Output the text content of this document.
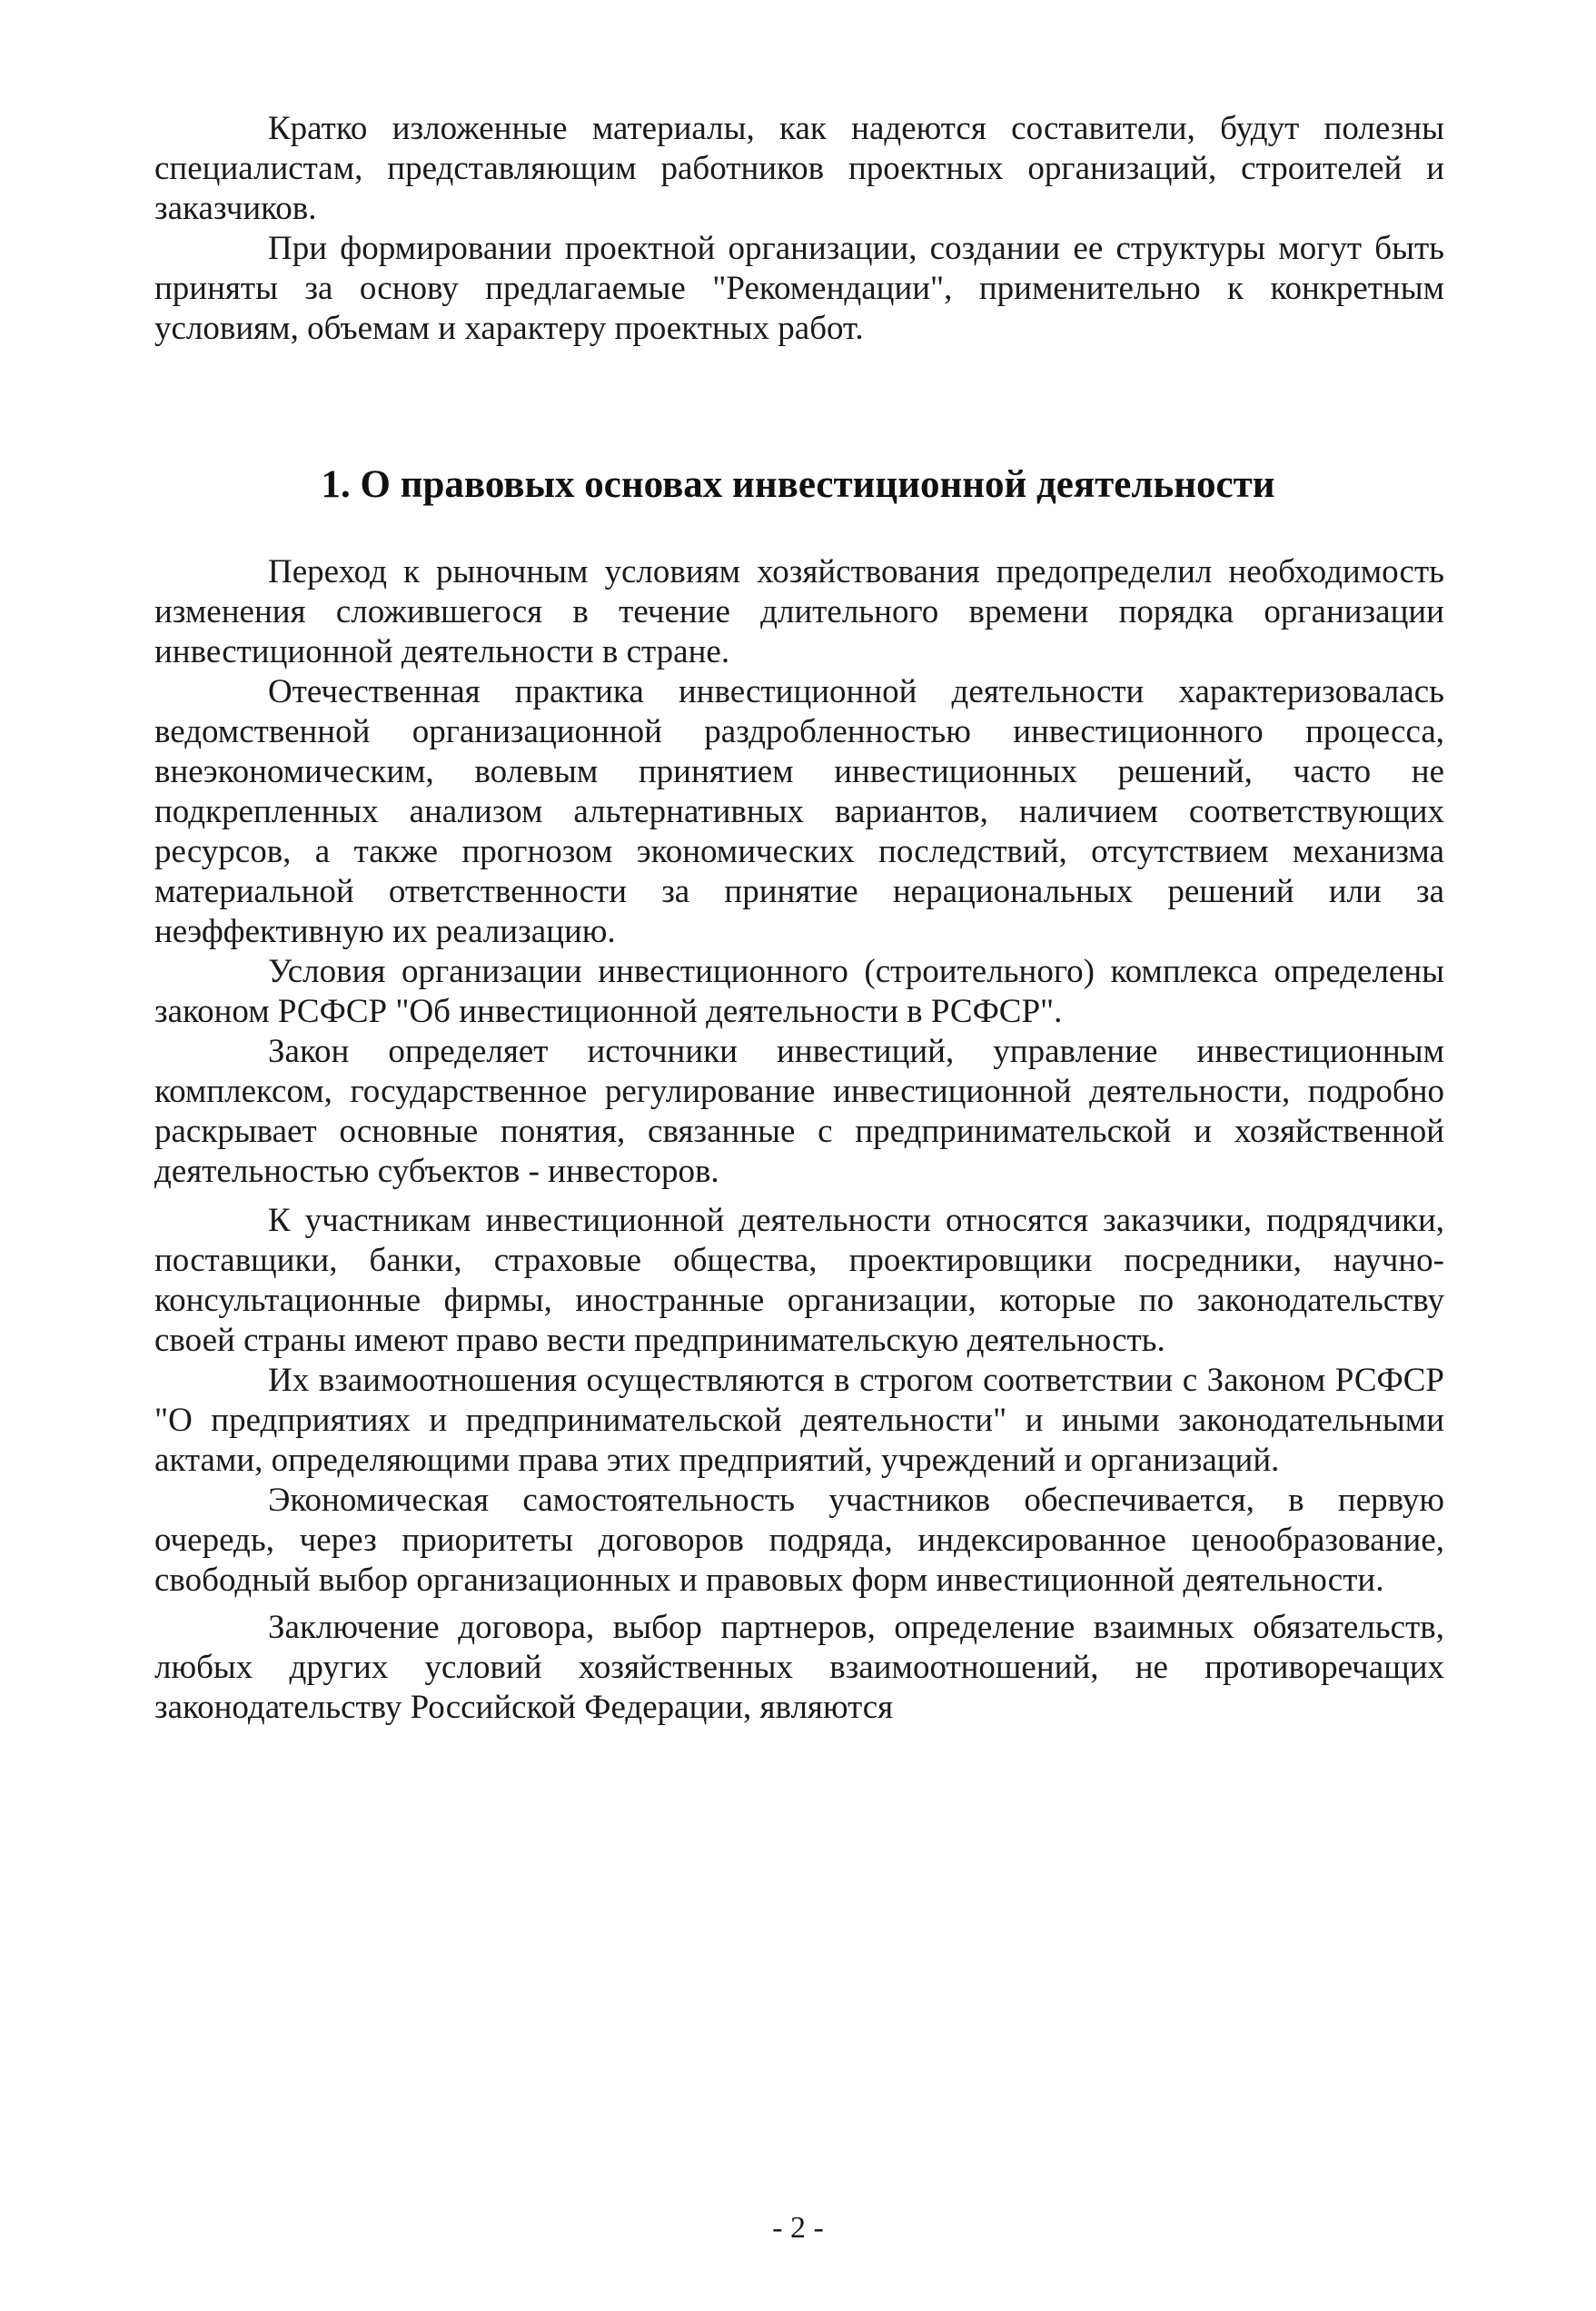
Кратко изложенные материалы, как надеются составители, будут полезны специалистам, представляющим работников проектных организаций, строителей и заказчиков.

При формировании проектной организации, создании ее структуры могут быть приняты за основу предлагаемые "Рекомендации", применительно к конкретным условиям, объемам и характеру проектных работ.

1. О правовых основах инвестиционной деятельности

Переход к рыночным условиям хозяйствования предопределил необходимость изменения сложившегося в течение длительного времени порядка организации инвестиционной деятельности в стране.

Отечественная практика инвестиционной деятельности характеризовалась ведомственной организационной раздробленностью инвестиционного процесса, внеэкономическим, волевым принятием инвестиционных решений, часто не подкрепленных анализом альтернативных вариантов, наличием соответствующих ресурсов, а также прогнозом экономических последствий, отсутствием механизма материальной ответственности за принятие нерациональных решений или за неэффективную их реализацию.

Условия организации инвестиционного (строительного) комплекса определены законом РСФСР "Об инвестиционной деятельности в РСФСР".

Закон определяет источники инвестиций, управление инвестиционным комплексом, государственное регулирование инвестиционной деятельности, подробно раскрывает основные понятия, связанные с предпринимательской и хозяйственной деятельностью субъектов - инвесторов.

К участникам инвестиционной деятельности относятся заказчики, подрядчики, поставщики, банки, страховые общества, проектировщики посредники, научно-консультационные фирмы, иностранные организации, которые по законодательству своей страны имеют право вести предпринимательскую деятельность.

Их взаимоотношения осуществляются в строгом соответствии с Законом РСФСР "О предприятиях и предпринимательской деятельности" и иными законодательными актами, определяющими права этих предприятий, учреждений и организаций.

Экономическая самостоятельность участников обеспечивается, в первую очередь, через приоритеты договоров подряда, индексированное ценообразование, свободный выбор организационных и правовых форм инвестиционной деятельности.

Заключение договора, выбор партнеров, определение взаимных обязательств, любых других условий хозяйственных взаимоотношений, не противоречащих законодательству Российской Федерации, являются

- 2 -
